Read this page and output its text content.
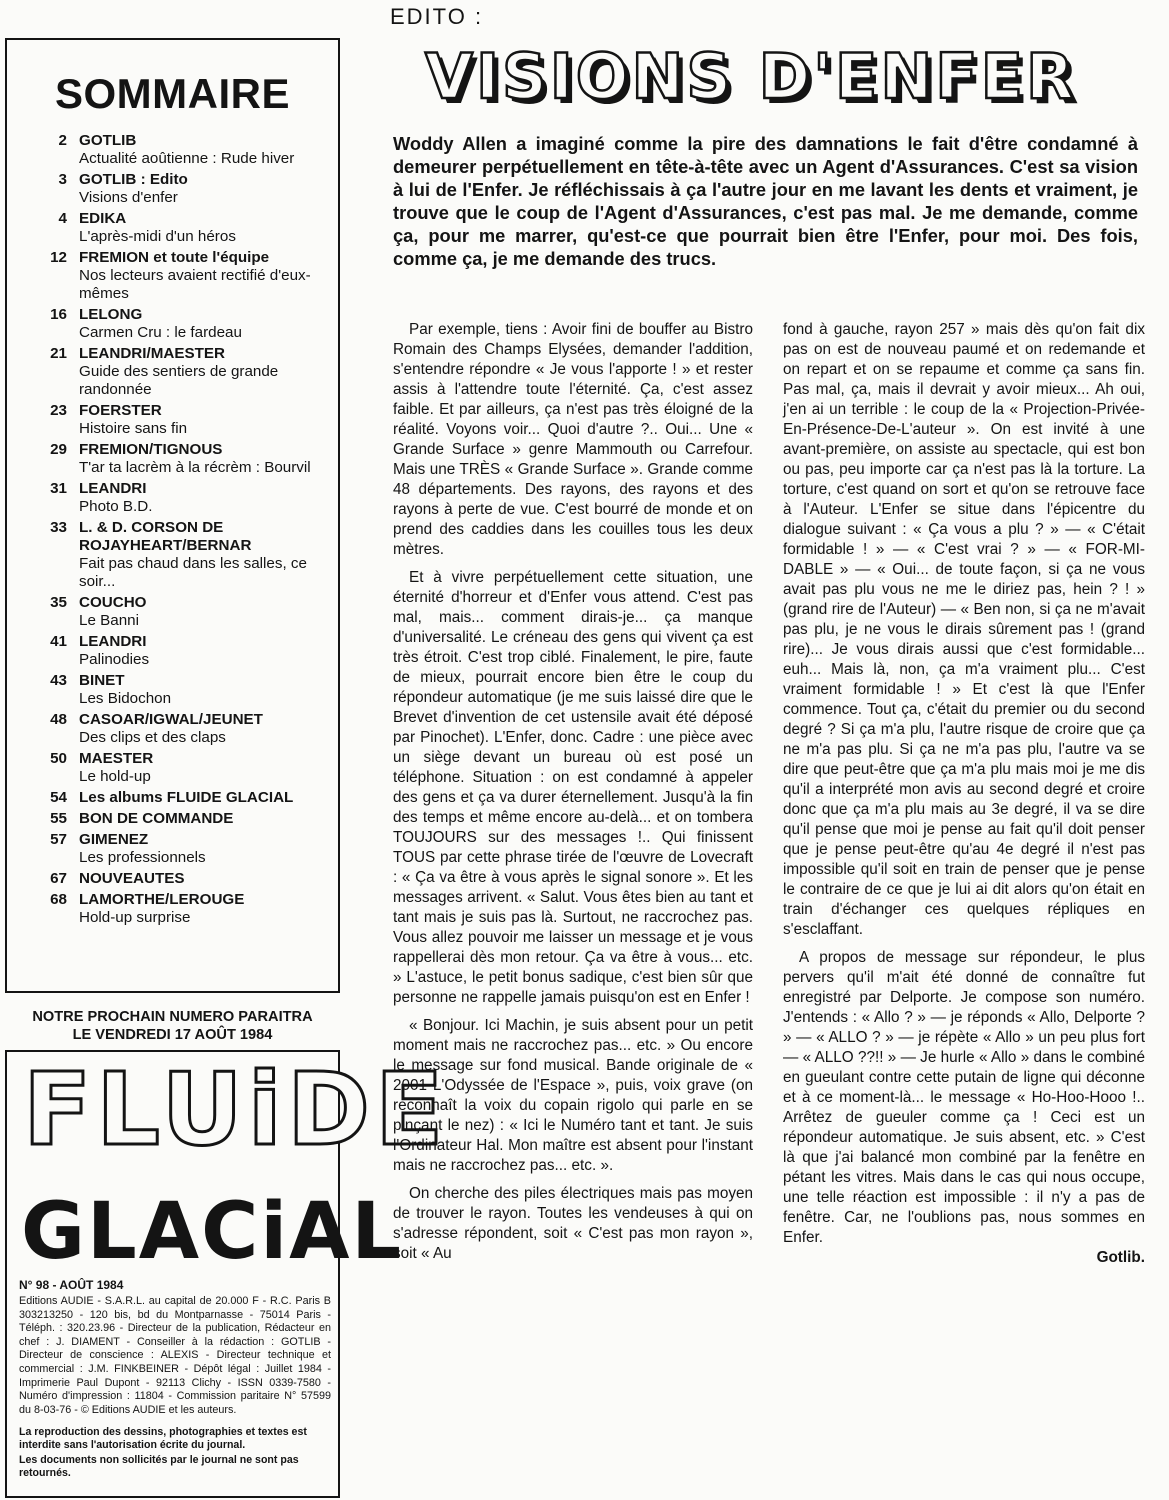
SOMMAIRE
2 GOTLIB
Actualité aoûtienne : Rude hiver
3 GOTLIB : Edito
Visions d'enfer
4 EDIKA
L'après-midi d'un héros
12 FREMION et toute l'équipe
Nos lecteurs avaient rectifié d'eux-mêmes
16 LELONG
Carmen Cru : le fardeau
21 LEANDRI/MAESTER
Guide des sentiers de grande randonnée
23 FOERSTER
Histoire sans fin
29 FREMION/TIGNOUS
T'ar ta lacrèm à la récrèm : Bourvil
31 LEANDRI
Photo B.D.
33 L. & D. CORSON DE ROJAYHEART/BERNAR
Fait pas chaud dans les salles, ce soir...
35 COUCHO
Le Banni
41 LEANDRI
Palinodies
43 BINET
Les Bidochon
48 CASOAR/IGWAL/JEUNET
Des clips et des claps
50 MAESTER
Le hold-up
54 Les albums FLUIDE GLACIAL
55 BON DE COMMANDE
57 GIMENEZ
Les professionnels
67 NOUVEAUTES
68 LAMORTHE/LEROUGE
Hold-up surprise
NOTRE PROCHAIN NUMERO PARAITRA
LE VENDREDI 17 AOÛT 1984
FLUiDE
GLACiAL
N° 98 - AOÛT 1984
Editions AUDIE - S.A.R.L. au capital de 20.000 F - R.C. Paris B 303213250 - 120 bis, bd du Montparnasse - 75014 Paris - Téléph. : 320.23.96 - Directeur de la publication, Rédacteur en chef : J. DIAMENT - Conseiller à la rédaction : GOTLIB - Directeur de conscience : ALEXIS - Directeur technique et commercial : J.M. FINKBEINER - Dépôt légal : Juillet 1984 - Imprimerie Paul Dupont - 92113 Clichy - ISSN 0339-7580 - Numéro d'impression : 11804 - Commission paritaire N° 57599 du 8-03-76 - © Editions AUDIE et les auteurs.
La reproduction des dessins, photographies et textes est interdite sans l'autorisation écrite du journal.
Les documents non sollicités par le journal ne sont pas retournés.
EDITO :
VISIONS D'ENFER
Woddy Allen a imaginé comme la pire des damnations le fait d'être condamné à demeurer perpétuellement en tête-à-tête avec un Agent d'Assurances. C'est sa vision à lui de l'Enfer. Je réfléchissais à ça l'autre jour en me lavant les dents et vraiment, je trouve que le coup de l'Agent d'Assurances, c'est pas mal. Je me demande, comme ça, pour me marrer, qu'est-ce que pourrait bien être l'Enfer, pour moi. Des fois, comme ça, je me demande des trucs.

Par exemple, tiens : Avoir fini de bouffer au Bistro Romain des Champs Elysées, demander l'addition, s'entendre répondre « Je vous l'apporte ! » et rester assis à l'attendre toute l'éternité. Ça, c'est assez faible. Et par ailleurs, ça n'est pas très éloigné de la réalité. Voyons voir... Quoi d'autre ?.. Oui... Une « Grande Surface » genre Mammouth ou Carrefour. Mais une TRÈS « Grande Surface ». Grande comme 48 départements. Des rayons, des rayons et des rayons à perte de vue. C'est bourré de monde et on prend des caddies dans les couilles tous les deux mètres.

Et à vivre perpétuellement cette situation, une éternité d'horreur et d'Enfer vous attend. C'est pas mal, mais... comment dirais-je... ça manque d'universalité. Le créneau des gens qui vivent ça est très étroit. C'est trop ciblé. Finalement, le pire, faute de mieux, pourrait encore bien être le coup du répondeur automatique (je me suis laissé dire que le Brevet d'invention de cet ustensile avait été déposé par Pinochet). L'Enfer, donc. Cadre : une pièce avec un siège devant un bureau où est posé un téléphone. Situation : on est condamné à appeler des gens et ça va durer éternellement. Jusqu'à la fin des temps et même encore au-delà... et on tombera TOUJOURS sur des messages !.. Qui finissent TOUS par cette phrase tirée de l'œuvre de Lovecraft : « Ça va être à vous après le signal sonore ». Et les messages arrivent. « Salut. Vous êtes bien au tant et tant mais je suis pas là. Surtout, ne raccrochez pas. Vous allez pouvoir me laisser un message et je vous rappellerai dès mon retour. Ça va être à vous... etc. » L'astuce, le petit bonus sadique, c'est bien sûr que personne ne rappelle jamais puisqu'on est en Enfer !

« Bonjour. Ici Machin, je suis absent pour un petit moment mais ne raccrochez pas... etc. » Ou encore le message sur fond musical. Bande originale de « 2001 L'Odyssée de l'Espace », puis, voix grave (on reconnaît la voix du copain rigolo qui parle en se pinçant le nez) : « Ici le Numéro tant et tant. Je suis l'Ordinateur Hal. Mon maître est absent pour l'instant mais ne raccrochez pas... etc. ».

On cherche des piles électriques mais pas moyen de trouver le rayon. Toutes les vendeuses à qui on s'adresse répondent, soit « C'est pas mon rayon », soit « Au

fond à gauche, rayon 257 » mais dès qu'on fait dix pas on est de nouveau paumé et on redemande et on repart et on se repaume et comme ça sans fin. Pas mal, ça, mais il devrait y avoir mieux... Ah oui, j'en ai un terrible : le coup de la « Projection-Privée-En-Présence-De-L'auteur ». On est invité à une avant-première, on assiste au spectacle, qui est bon ou pas, peu importe car ça n'est pas là la torture. La torture, c'est quand on sort et qu'on se retrouve face à l'Auteur. L'Enfer se situe dans l'épicentre du dialogue suivant : « Ça vous a plu ? » — « C'était formidable ! » — « C'est vrai ? » — « FOR-MI-DABLE » — « Oui... de toute façon, si ça ne vous avait pas plu vous ne me le diriez pas, hein ? ! » (grand rire de l'Auteur) — « Ben non, si ça ne m'avait pas plu, je ne vous le dirais sûrement pas ! (grand rire)... Je vous dirais aussi que c'est formidable... euh... Mais là, non, ça m'a vraiment plu... C'est vraiment formidable ! » Et c'est là que l'Enfer commence. Tout ça, c'était du premier ou du second degré ? Si ça m'a plu, l'autre risque de croire que ça ne m'a pas plu. Si ça ne m'a pas plu, l'autre va se dire que peut-être que ça m'a plu mais moi je me dis qu'il a interprété mon avis au second degré et croire donc que ça m'a plu mais au 3e degré, il va se dire qu'il pense que moi je pense au fait qu'il doit penser que je pense peut-être qu'au 4e degré il n'est pas impossible qu'il soit en train de penser que je pense le contraire de ce que je lui ai dit alors qu'on était en train d'échanger ces quelques répliques en s'esclaffant.

A propos de message sur répondeur, le plus pervers qu'il m'ait été donné de connaître fut enregistré par Delporte. Je compose son numéro. J'entends : « Allo ? » — je réponds « Allo, Delporte ? » — « ALLO ? » — je répète « Allo » un peu plus fort — « ALLO ??!! » — Je hurle « Allo » dans le combiné en gueulant contre cette putain de ligne qui déconne et à ce moment-là... le message « Ho-Hoo-Hooo !.. Arrêtez de gueuler comme ça ! Ceci est un répondeur automatique. Je suis absent, etc. » C'est là que j'ai balancé mon combiné par la fenêtre en pétant les vitres. Mais dans le cas qui nous occupe, une telle réaction est impossible : il n'y a pas de fenêtre. Car, ne l'oublions pas, nous sommes en Enfer.

Gotlib.
